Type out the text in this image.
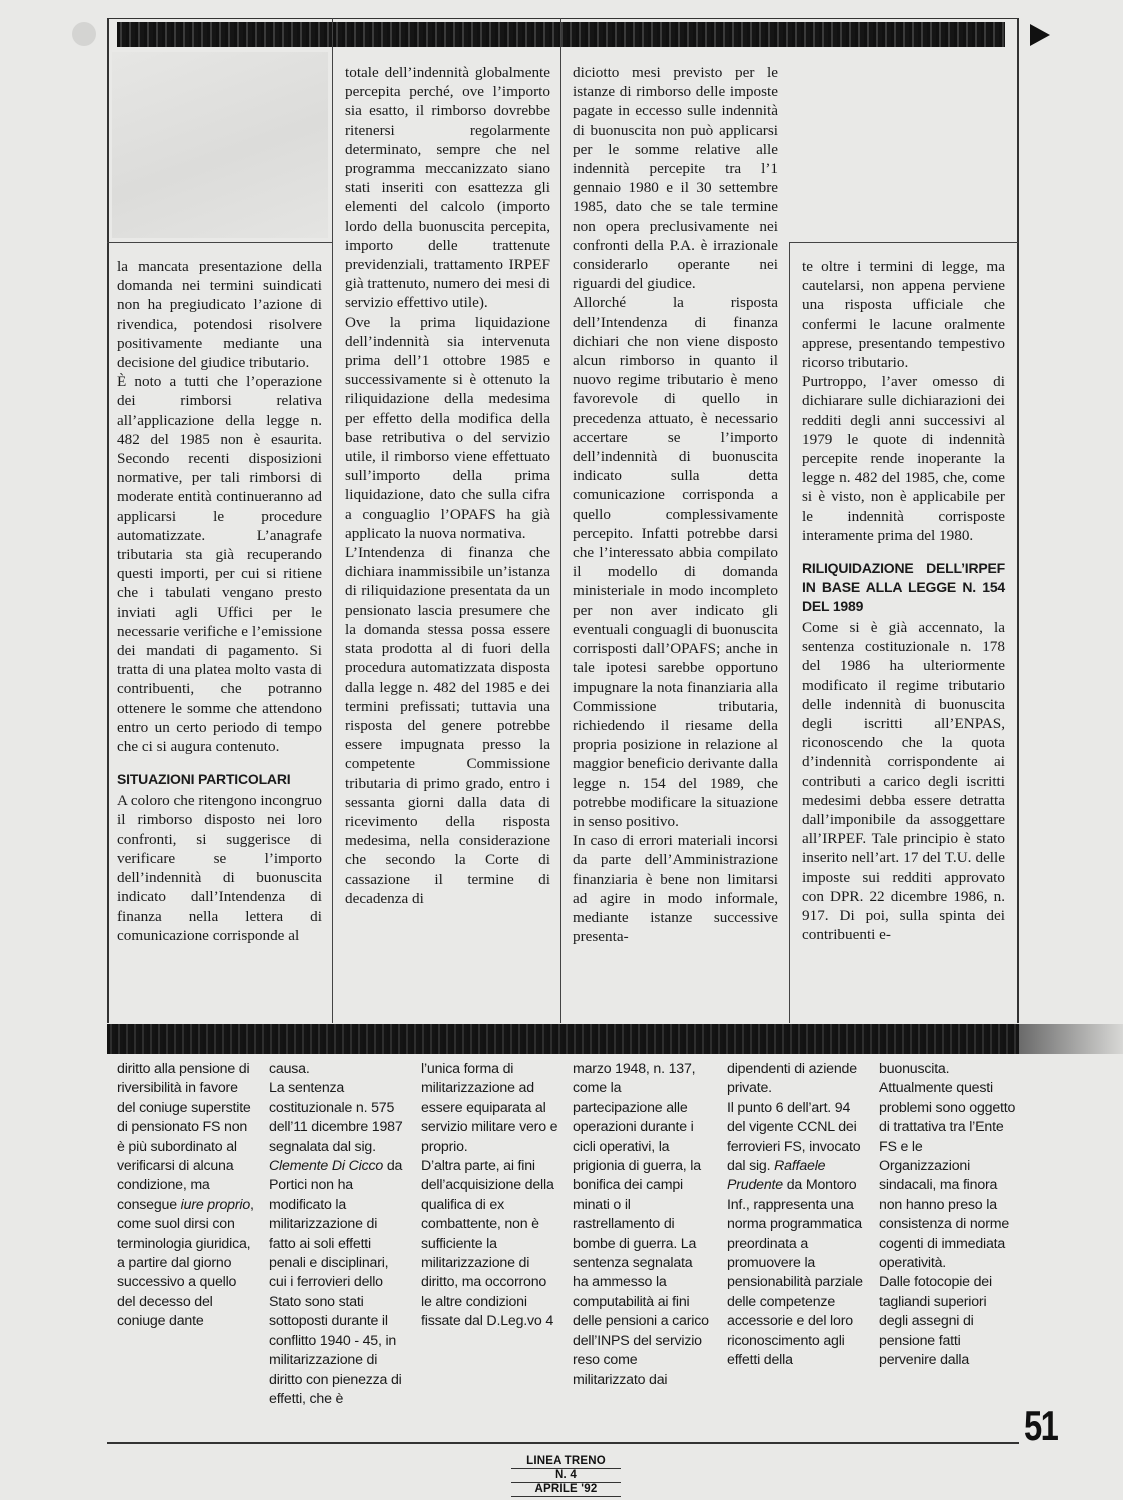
la mancata presentazione della domanda nei termini suindicati non ha pregiudicato l’azione di rivendica, potendosi risolvere positivamente mediante una decisione del giudice tributario.

È noto a tutti che l’operazione dei rimborsi relativa all’applicazione della legge n. 482 del 1985 non è esaurita. Secondo recenti disposizioni normative, per tali rimborsi di moderate entità continueranno ad applicarsi le procedure automatizzate. L’anagrafe tributaria sta già recuperando questi importi, per cui si ritiene che i tabulati vengano presto inviati agli Uffici per le necessarie verifiche e l’emissione dei mandati di pagamento. Si tratta di una platea molto vasta di contribuenti, che potranno ottenere le somme che attendono entro un certo periodo di tempo che ci si augura contenuto.

SITUAZIONI PARTICOLARI

A coloro che ritengono incongruo il rimborso disposto nei loro confronti, si suggerisce di verificare se l’importo dell’indennità di buonuscita indicato dall’Intendenza di finanza nella lettera di comunicazione corrisponde al

totale dell’indennità globalmente percepita perché, ove l’importo sia esatto, il rimborso dovrebbe ritenersi regolarmente determinato, sempre che nel programma meccanizzato siano stati inseriti con esattezza gli elementi del calcolo (importo lordo della buonuscita percepita, importo delle trattenute previdenziali, trattamento IRPEF già trattenuto, numero dei mesi di servizio effettivo utile).

Ove la prima liquidazione dell’indennità sia intervenuta prima dell’1 ottobre 1985 e successivamente si è ottenuto la riliquidazione della medesima per effetto della modifica della base retributiva o del servizio utile, il rimborso viene effettuato sull’importo della prima liquidazione, dato che sulla cifra a conguaglio l’OPAFS ha già applicato la nuova normativa.

L’Intendenza di finanza che dichiara inammissibile un’istanza di riliquidazione presentata da un pensionato lascia presumere che la domanda stessa possa essere stata prodotta al di fuori della procedura automatizzata disposta dalla legge n. 482 del 1985 e dei termini prefissati; tuttavia una risposta del genere potrebbe essere impugnata presso la competente Commissione tributaria di primo grado, entro i sessanta giorni dalla data di ricevimento della risposta medesima, nella considerazione che secondo la Corte di cassazione il termine di decadenza di

diciotto mesi previsto per le istanze di rimborso delle imposte pagate in eccesso sulle indennità di buonuscita non può applicarsi per le somme relative alle indennità percepite tra l’1 gennaio 1980 e il 30 settembre 1985, dato che se tale termine non opera preclusivamente nei confronti della P.A. è irrazionale considerarlo operante nei riguardi del giudice.

Allorché la risposta dell’Intendenza di finanza dichiari che non viene disposto alcun rimborso in quanto il nuovo regime tributario è meno favorevole di quello in precedenza attuato, è necessario accertare se l’importo dell’indennità di buonuscita indicato sulla detta comunicazione corrisponda a quello complessivamente percepito. Infatti potrebbe darsi che l’interessato abbia compilato il modello di domanda ministeriale in modo incompleto per non aver indicato gli eventuali conguagli di buonuscita corrisposti dall’OPAFS; anche in tale ipotesi sarebbe opportuno impugnare la nota finanziaria alla Commissione tributaria, richiedendo il riesame della propria posizione in relazione al maggior beneficio derivante dalla legge n. 154 del 1989, che potrebbe modificare la situazione in senso positivo.

In caso di errori materiali incorsi da parte dell’Amministrazione finanziaria è bene non limitarsi ad agire in modo informale, mediante istanze successive presenta-

te oltre i termini di legge, ma cautelarsi, non appena perviene una risposta ufficiale che confermi le lacune oralmente apprese, presentando tempestivo ricorso tributario.

Purtroppo, l’aver omesso di dichiarare sulle dichiarazioni dei redditi degli anni successivi al 1979 le quote di indennità percepite rende inoperante la legge n. 482 del 1985, che, come si è visto, non è applicabile per le indennità corrisposte interamente prima del 1980.

RILIQUIDAZIONE DELL’IRPEF IN BASE ALLA LEGGE N. 154 DEL 1989

Come si è già accennato, la sentenza costituzionale n. 178 del 1986 ha ulteriormente modificato il regime tributario delle indennità di buonuscita degli iscritti all’ENPAS, riconoscendo che la quota d’indennità corrispondente ai contributi a carico degli iscritti medesimi debba essere detratta dall’imponibile da assoggettare all’IRPEF. Tale principio è stato inserito nell’art. 17 del T.U. delle imposte sui redditi approvato con DPR. 22 dicembre 1986, n. 917. Di poi, sulla spinta dei contribuenti e-

diritto alla pensione di riversibilità in favore del coniuge superstite di pensionato FS non è più subordinato al verificarsi di alcuna condizione, ma consegue iure proprio, come suol dirsi con terminologia giuridica, a partire dal giorno successivo a quello del decesso del coniuge dante

causa.

La sentenza costituzionale n. 575 dell’11 dicembre 1987 segnalata dal sig. Clemente Di Cicco da Portici non ha modificato la militarizzazione di fatto ai soli effetti penali e disciplinari, cui i ferrovieri dello Stato sono stati sottoposti durante il conflitto 1940 - 45, in militarizzazione di diritto con pienezza di effetti, che è

l’unica forma di militarizzazione ad essere equiparata al servizio militare vero e proprio.

D’altra parte, ai fini dell’acquisizione della qualifica di ex combattente, non è sufficiente la militarizzazione di diritto, ma occorrono le altre condizioni fissate dal D.Leg.vo 4

marzo 1948, n. 137, come la partecipazione alle operazioni durante i cicli operativi, la prigionia di guerra, la bonifica dei campi minati o il rastrellamento di bombe di guerra. La sentenza segnalata ha ammesso la computabilità ai fini delle pensioni a carico dell’INPS del servizio reso come militarizzato dai

dipendenti di aziende private.

Il punto 6 dell’art. 94 del vigente CCNL dei ferrovieri FS, invocato dal sig. Raffaele Prudente da Montoro Inf., rappresenta una norma programmatica preordinata a promuovere la pensionabilità parziale delle competenze accessorie e del loro riconoscimento agli effetti della

buonuscita.

Attualmente questi problemi sono oggetto di trattativa tra l’Ente FS e le Organizzazioni sindacali, ma finora non hanno preso la consistenza di norme cogenti di immediata operatività.

Dalle fotocopie dei tagliandi superiori degli assegni di pensione fatti pervenire dalla

51
LINEA TRENO
N. 4
APRILE '92
